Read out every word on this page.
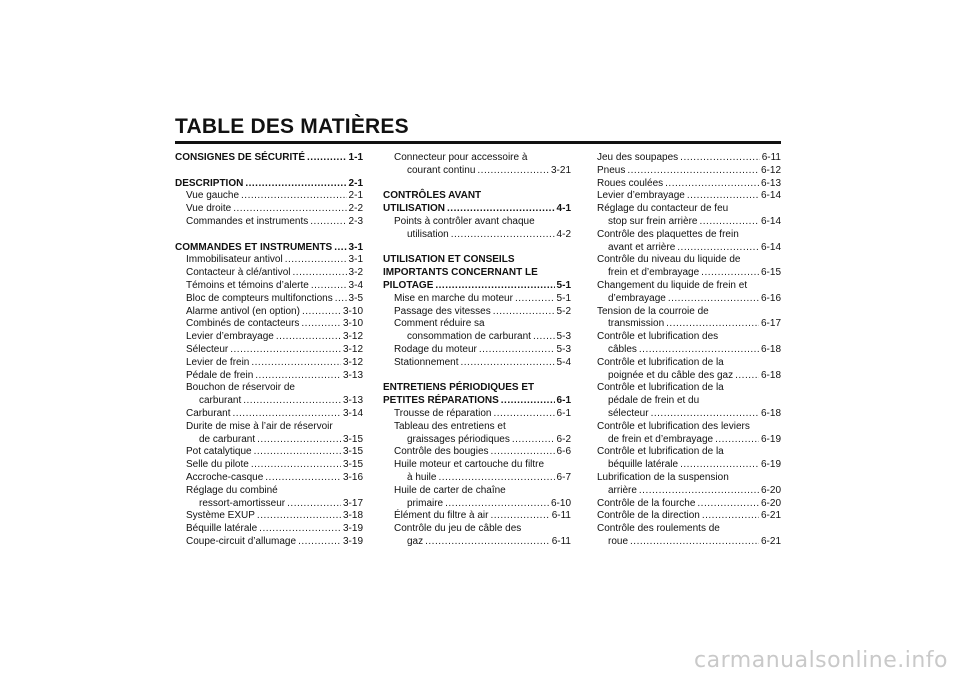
TABLE DES MATIÈRES
CONSIGNES DE SÉCURITÉ .....	1-1
DESCRIPTION .....	2-1
Vue gauche .....	2-1
Vue droite .....	2-2
Commandes et instruments .....	2-3
COMMANDES ET INSTRUMENTS ..... 3-1
Immobilisateur antivol .....	3-1
Contacteur à clé/antivol .....	3-2
Témoins et témoins d’alerte .....	3-4
Bloc de compteurs multifonctions ..... 3-5
Alarme antivol (en option) .....	3-10
Combinés de contacteurs .....	3-10
Levier d’embrayage .....	3-12
Sélecteur .....	3-12
Levier de frein .....	3-12
Pédale de frein .....	3-13
Bouchon de réservoir de
carburant .....	3-13
Carburant .....	3-14
Durite de mise à l’air de réservoir
de carburant .....	3-15
Pot catalytique .....	3-15
Selle du pilote .....	3-15
Accroche-casque .....	3-16
Réglage du combiné
ressort-amortisseur .....	3-17
Système EXUP .....	3-18
Béquille latérale .....	3-19
Coupe-circuit d’allumage .....	3-19
Connecteur pour accessoire à
courant continu .....	3-21
CONTRÔLES AVANT
UTILISATION .....	4-1
Points à contrôler avant chaque
utilisation .....	4-2
UTILISATION ET CONSEILS
IMPORTANTS CONCERNANT LE
PILOTAGE .....	5-1
Mise en marche du moteur .....	5-1
Passage des vitesses .....	5-2
Comment réduire sa
consommation de carburant .....	5-3
Rodage du moteur .....	5-3
Stationnement .....	5-4
ENTRETIENS PÉRIODIQUES ET
PETITES RÉPARATIONS .....	6-1
Trousse de réparation .....	6-1
Tableau des entretiens et
graissages périodiques .....	6-2
Contrôle des bougies .....	6-6
Huile moteur et cartouche du filtre
à huile .....	6-7
Huile de carter de chaîne
primaire .....	6-10
Élément du filtre à air .....	6-11
Contrôle du jeu de câble des
gaz .....	6-11
Jeu des soupapes .....	6-11
Pneus .....	6-12
Roues coulées .....	6-13
Levier d’embrayage .....	6-14
Réglage du contacteur de feu
stop sur frein arrière .....	6-14
Contrôle des plaquettes de frein
avant et arrière .....	6-14
Contrôle du niveau du liquide de
frein et d’embrayage .....	6-15
Changement du liquide de frein et
d’embrayage .....	6-16
Tension de la courroie de
transmission .....	6-17
Contrôle et lubrification des
câbles .....	6-18
Contrôle et lubrification de la
poignée et du câble des gaz .....	6-18
Contrôle et lubrification de la
pédale de frein et du
sélecteur .....	6-18
Contrôle et lubrification des leviers
de frein et d’embrayage .....	6-19
Contrôle et lubrification de la
béquille latérale .....	6-19
Lubrification de la suspension
arrière .....	6-20
Contrôle de la fourche .....	6-20
Contrôle de la direction .....	6-21
Contrôle des roulements de
roue .....	6-21
carmanualsonline.info
